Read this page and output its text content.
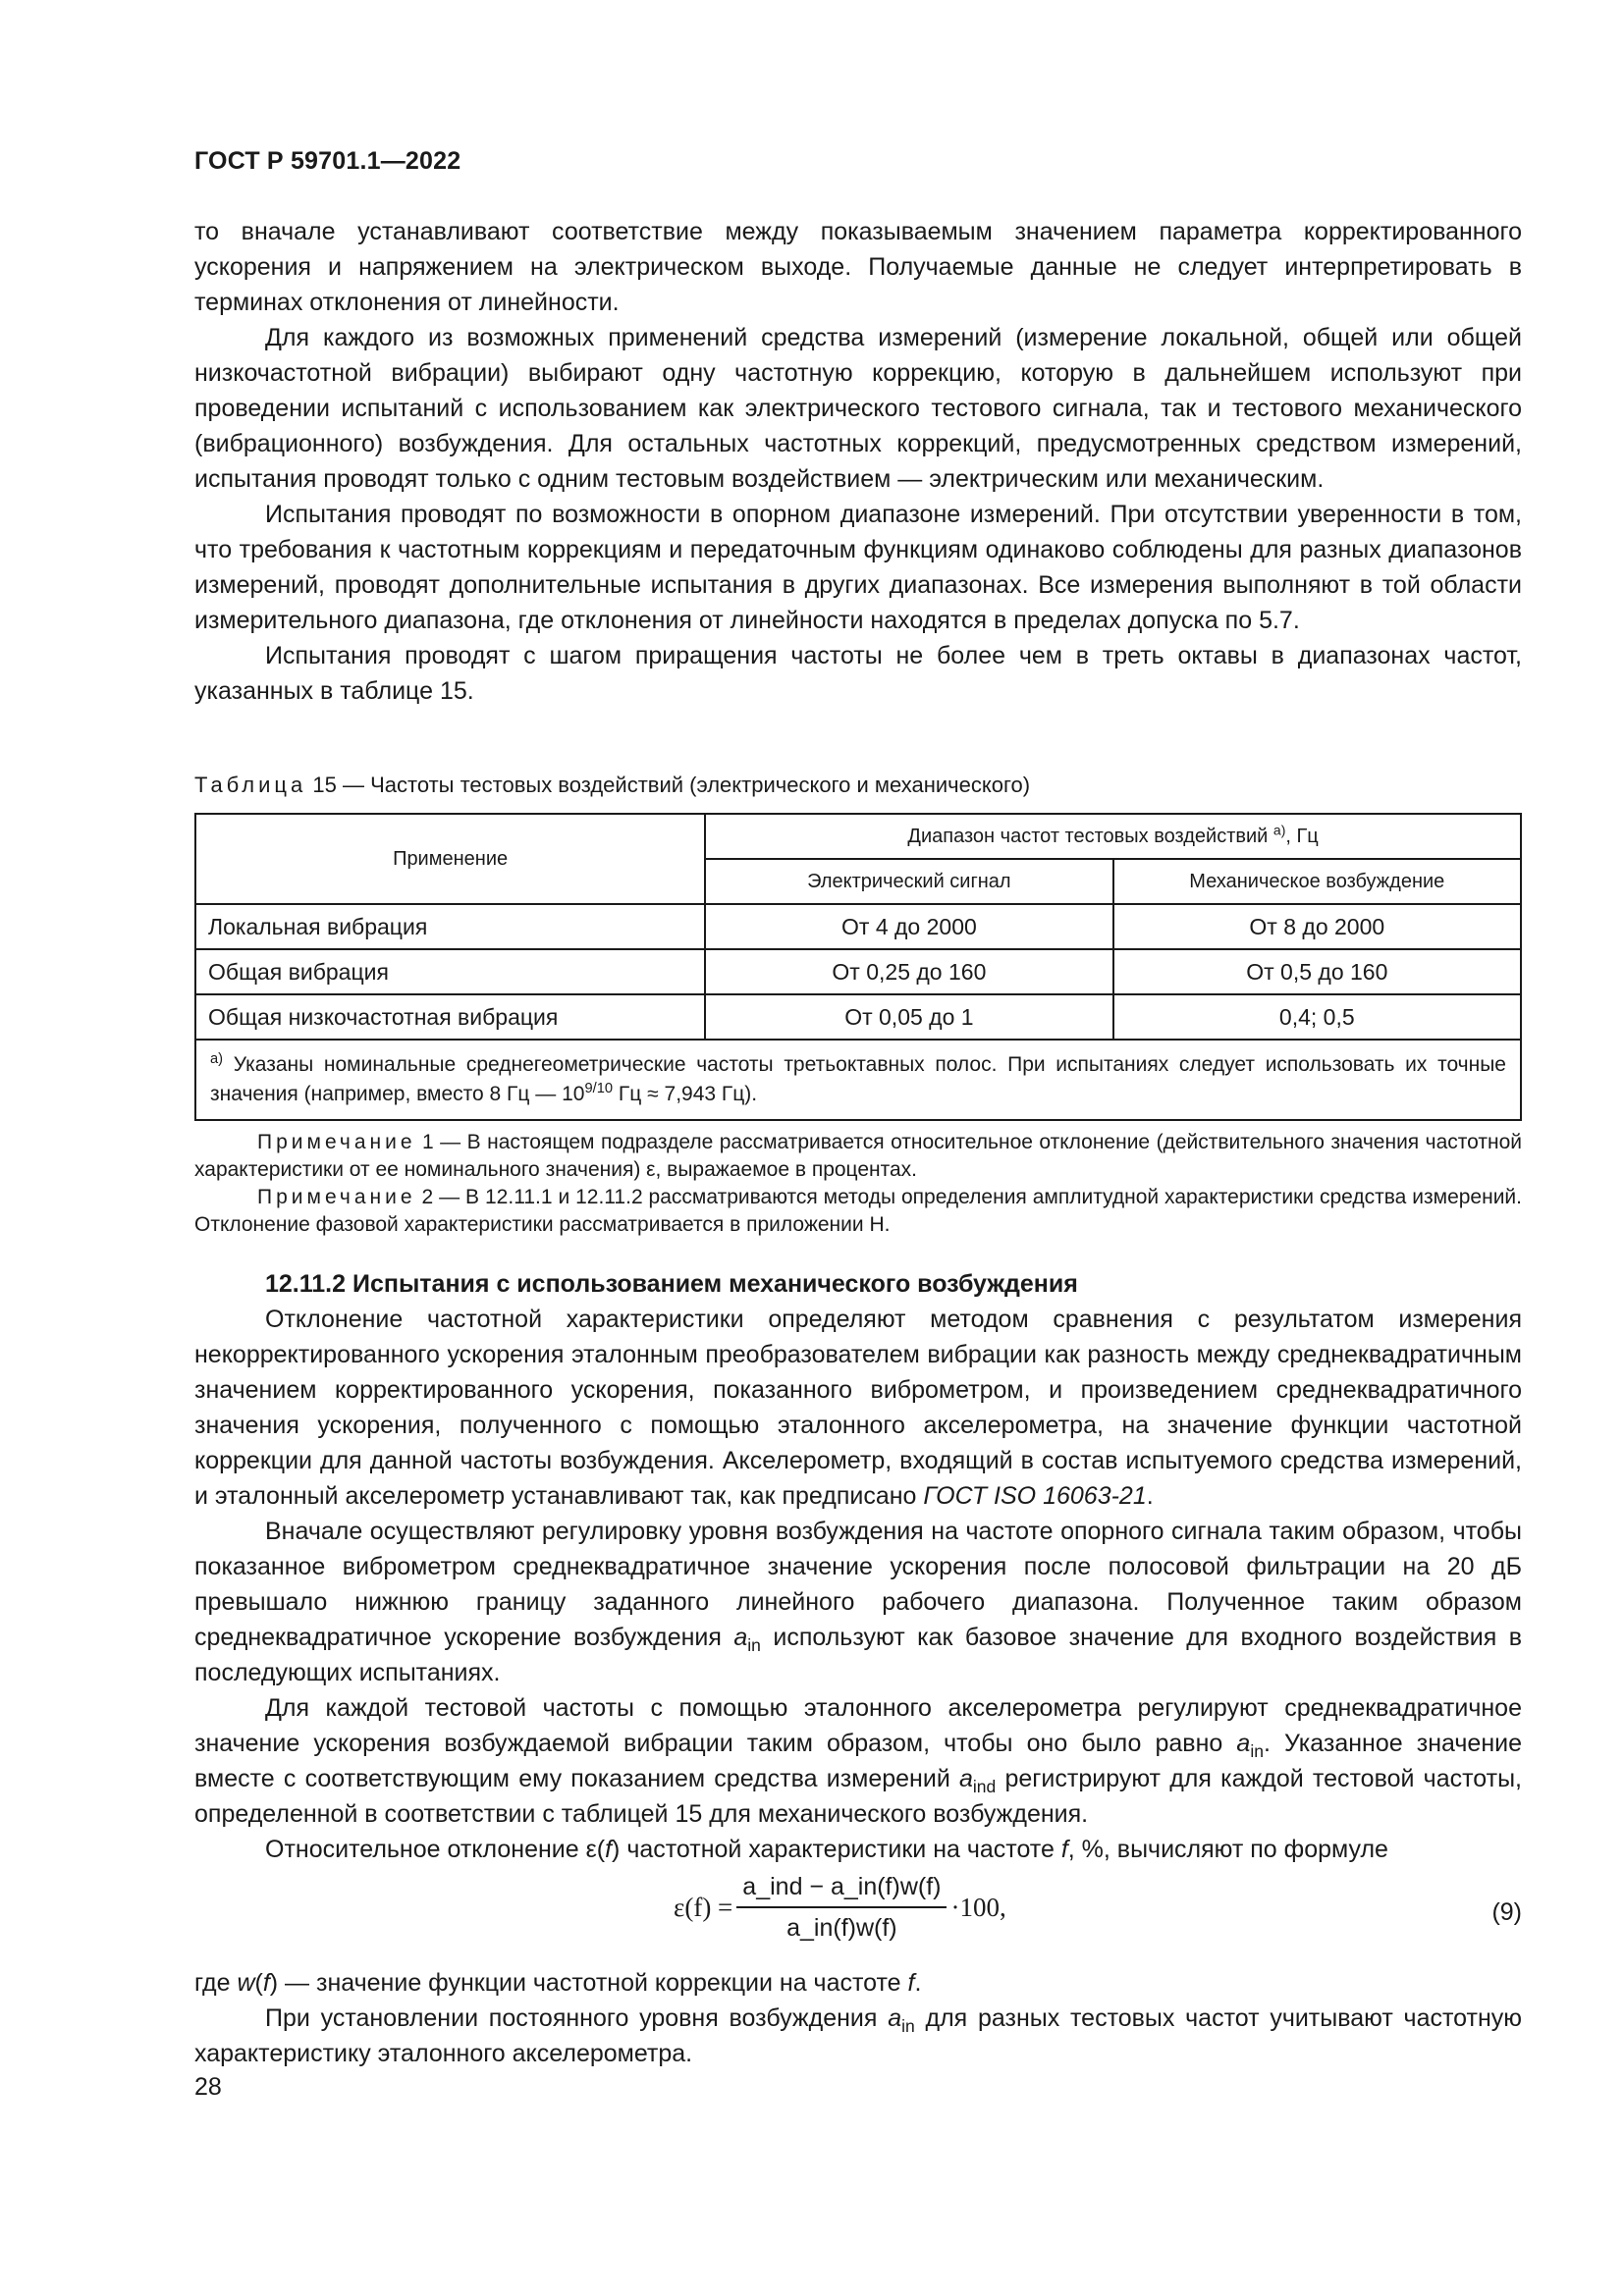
ГОСТ Р 59701.1—2022

то вначале устанавливают соответствие между показываемым значением параметра корректированного ускорения и напряжением на электрическом выходе. Получаемые данные не следует интерпретировать в терминах отклонения от линейности.

Для каждого из возможных применений средства измерений (измерение локальной, общей или общей низкочастотной вибрации) выбирают одну частотную коррекцию, которую в дальнейшем используют при проведении испытаний с использованием как электрического тестового сигнала, так и тестового механического (вибрационного) возбуждения. Для остальных частотных коррекций, предусмотренных средством измерений, испытания проводят только с одним тестовым воздействием — электрическим или механическим.

Испытания проводят по возможности в опорном диапазоне измерений. При отсутствии уверенности в том, что требования к частотным коррекциям и передаточным функциям одинаково соблюдены для разных диапазонов измерений, проводят дополнительные испытания в других диапазонах. Все измерения выполняют в той области измерительного диапазона, где отклонения от линейности находятся в пределах допуска по 5.7.

Испытания проводят с шагом приращения частоты не более чем в треть октавы в диапазонах частот, указанных в таблице 15.

Таблица 15 — Частоты тестовых воздействий (электрического и механического)
Применение	Диапазон частот тестовых воздействий $^{а)}$, Гц	
	Электрический сигнал	Механическое возбуждение
Локальная вибрация	От 4 до 2000	От 8 до 2000
Общая вибрация	От 0,25 до 160	От 0,5 до 160
Общая низкочастотная вибрация	От 0,05 до 1	0,4; 0,5
$^{а)}$ Указаны номинальные среднегеометрические частоты третьоктавных полос. При испытаниях следует использовать их точные значения (например, вместо 8 Гц — $10^{9/10}$ Гц ≈ 7,943 Гц).		

Примечание 1 — В настоящем подразделе рассматривается относительное отклонение (действительного значения частотной характеристики от ее номинального значения) ε, выражаемое в процентах.

Примечание 2 — В 12.11.1 и 12.11.2 рассматриваются методы определения амплитудной характеристики средства измерений. Отклонение фазовой характеристики рассматривается в приложении Н.

12.11.2 Испытания с использованием механического возбуждения

Отклонение частотной характеристики определяют методом сравнения с результатом измерения некорректированного ускорения эталонным преобразователем вибрации как разность между среднеквадратичным значением корректированного ускорения, показанного виброметром, и произведением среднеквадратичного значения ускорения, полученного с помощью эталонного акселерометра, на значение функции частотной коррекции для данной частоты возбуждения. Акселерометр, входящий в состав испытуемого средства измерений, и эталонный акселерометр устанавливают так, как предписано ГОСТ ISO 16063-21.

Вначале осуществляют регулировку уровня возбуждения на частоте опорного сигнала таким образом, чтобы показанное виброметром среднеквадратичное значение ускорения после полосовой фильтрации на 20 дБ превышало нижнюю границу заданного линейного рабочего диапазона. Полученное таким образом среднеквадратичное ускорение возбуждения $a_{in}$ используют как базовое значение для входного воздействия в последующих испытаниях.

Для каждой тестовой частоты с помощью эталонного акселерометра регулируют среднеквадратичное значение ускорения возбуждаемой вибрации таким образом, чтобы оно было равно $a_{in}$. Указанное значение вместе с соответствующим ему показанием средства измерений $a_{ind}$ регистрируют для каждой тестовой частоты, определенной в соответствии с таблицей 15 для механического возбуждения.

Относительное отклонение ε(f) частотной характеристики на частоте f, %, вычисляют по формуле

$\varepsilon(f) = \frac{\text{a\_ind − a\_in(f)w(f)}}{a\_in(f)w(f)} \cdot 100$,	(9)

где w(f) — значение функции частотной коррекции на частоте f.

При установлении постоянного уровня возбуждения $a_{in}$ для разных тестовых частот учитывают частотную характеристику эталонного акселерометра.

28
